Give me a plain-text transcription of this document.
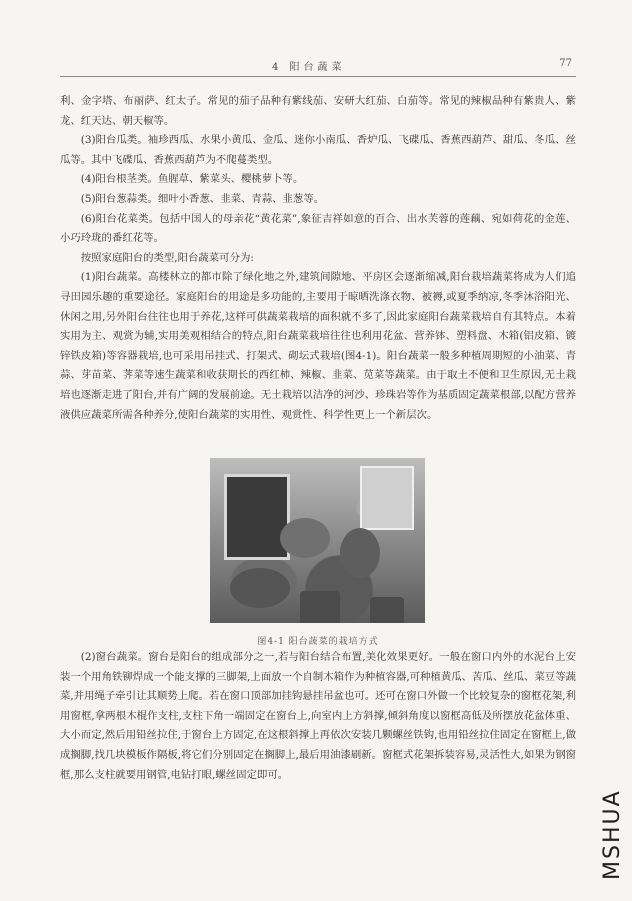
4 阳台蔬菜	77

利、金字塔、布丽萨、红太子。常见的茄子品种有紫线茄、安研大红茄、白茄等。常见的辣椒品种有紫贵人、紫龙、红天达、朝天椒等。

(3)阳台瓜类。袖珍西瓜、水果小黄瓜、金瓜、迷你小南瓜、香炉瓜、飞碟瓜、香蕉西葫芦、甜瓜、冬瓜、丝瓜等。其中飞碟瓜、香蕉西葫芦为不爬蔓类型。

(4)阳台根茎类。鱼腥草、紫菜头、樱桃萝卜等。

(5)阳台葱蒜类。细叶小香葱、韭菜、青蒜、韭葱等。

(6)阳台花菜类。包括中国人的母亲花“黄花菜”,象征吉祥如意的百合、出水芙蓉的莲藕、宛如荷花的金莲、小巧玲珑的番红花等。

按照家庭阳台的类型,阳台蔬菜可分为:

(1)阳台蔬菜。高楼林立的都市除了绿化地之外,建筑间隙地、平房区会逐渐缩减,阳台栽培蔬菜将成为人们追寻田园乐趣的重要途径。家庭阳台的用途是多功能的,主要用于晾晒洗涤衣物、被褥,或夏季纳凉,冬季沐浴阳光、休闲之用,另外阳台往往也用于养花,这样可供蔬菜栽培的面积就不多了,因此家庭阳台蔬菜栽培自有其特点。本着实用为主、观赏为辅,实用美观相结合的特点,阳台蔬菜栽培往往也利用花盆、营养钵、塑料盘、木箱(铝皮箱、镀锌铁皮箱)等容器栽培,也可采用吊挂式、打架式、砌坛式栽培(图4-1)。阳台蔬菜一般多种植周期短的小油菜、青蒜、芽苗菜、荠菜等速生蔬菜和收获期长的西红柿、辣椒、韭菜、苋菜等蔬菜。由于取土不便和卫生原因,无土栽培也逐渐走进了阳台,并有广阔的发展前途。无土栽培以洁净的河沙、珍珠岩等作为基质固定蔬菜根部,以配方营养液供应蔬菜所需各种养分,使阳台蔬菜的实用性、观赏性、科学性更上一个新层次。

图4-1 阳台蔬菜的栽培方式

(2)窗台蔬菜。窗台是阳台的组成部分之一,若与阳台结合布置,美化效果更好。一般在窗口内外的水泥台上安装一个用角铁铆焊成一个能支撑的三脚架,上面放一个自制木箱作为种植容器,可种植黄瓜、苦瓜、丝瓜、菜豆等蔬菜,并用绳子牵引让其顺势上爬。若在窗口顶部加挂钩悬挂吊盆也可。还可在窗口外做一个比较复杂的窗框花架,利用窗框,拿两根木棍作支柱,支柱下角一端固定在窗台上,向室内上方斜撑,倾斜角度以窗框高低及所摆放花盆体重、大小而定,然后用铅丝拉住,于窗台上方固定,在这根斜撑上再依次安装几颗螺丝铁钩,也用铅丝拉住固定在窗框上,做成搁脚,找几块模板作隔板,将它们分别固定在搁脚上,最后用油漆刷新。窗框式花架拆装容易,灵活性大,如果为钢窗框,那么支柱就要用钢管,电钻打眼,螺丝固定即可。

MSHUA
